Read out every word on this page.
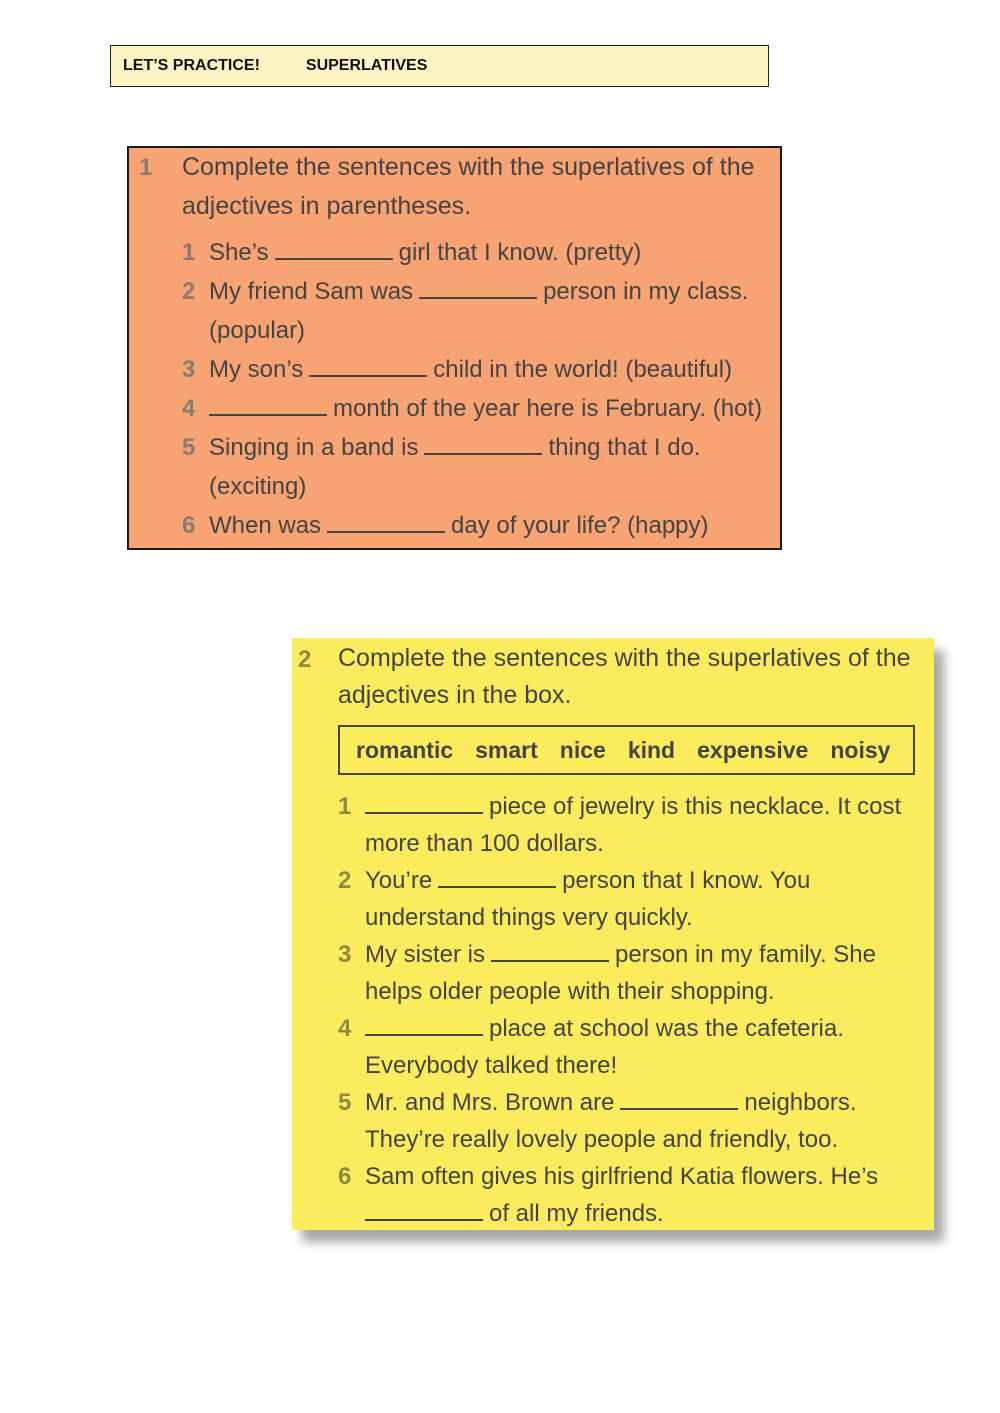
LET’S PRACTICE!	SUPERLATIVES
1 Complete the sentences with the superlatives of the adjectives in parentheses.
1 She’s	girl that I know. (pretty)
2 My friend Sam was	person in my class. (popular)
3 My son’s	child in the world! (beautiful)
4	month of the year here is February. (hot)
5 Singing in a band is	thing that I do. (exciting)
6 When was	day of your life? (happy)
2 Complete the sentences with the superlatives of the adjectives in the box.
romantic smart nice kind expensive noisy
1	piece of jewelry is this necklace. It cost more than 100 dollars.
2 You’re	person that I know. You understand things very quickly.
3 My sister is	person in my family. She helps older people with their shopping.
4	place at school was the cafeteria. Everybody talked there!
5 Mr. and Mrs. Brown are	neighbors. They’re really lovely people and friendly, too.
6 Sam often gives his girlfriend Katia flowers. He’s of all my friends.
